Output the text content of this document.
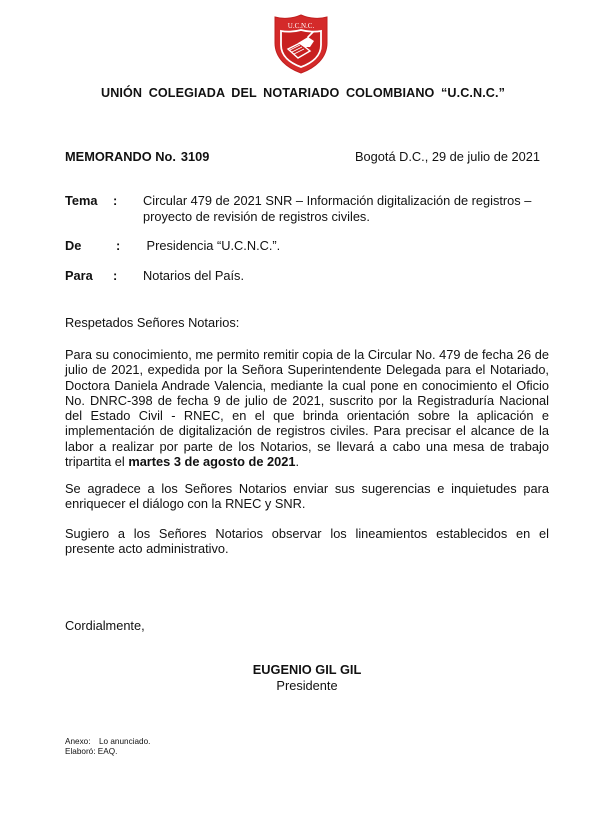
U.C.N.C.
UNIÓN COLEGIADA DEL NOTARIADO COLOMBIANO “U.C.N.C.”
MEMORANDO No. 3109	Bogotá D.C., 29 de julio de 2021
Tema : Circular 479 de 2021 SNR – Información digitalización de registros – proyecto de revisión de registros civiles.
De	: Presidencia “U.C.N.C.”.
Para : Notarios del País.
Respetados Señores Notarios:
Para su conocimiento, me permito remitir copia de la Circular No. 479 de fecha 26 de julio de 2021, expedida por la Señora Superintendente Delegada para el Notariado, Doctora Daniela Andrade Valencia, mediante la cual pone en conocimiento el Oficio No. DNRC-398 de fecha 9 de julio de 2021, suscrito por la Registraduría Nacional del Estado Civil - RNEC, en el que brinda orientación sobre la aplicación e implementación de digitalización de registros civiles. Para precisar el alcance de la labor a realizar por parte de los Notarios, se llevará a cabo una mesa de trabajo tripartita el martes 3 de agosto de 2021.
Se agradece a los Señores Notarios enviar sus sugerencias e inquietudes para enriquecer el diálogo con la RNEC y SNR.
Sugiero a los Señores Notarios observar los lineamientos establecidos en el presente acto administrativo.
Cordialmente,
EUGENIO GIL GIL
Presidente
Anexo: Lo anunciado.
Elaboró: EAQ.
